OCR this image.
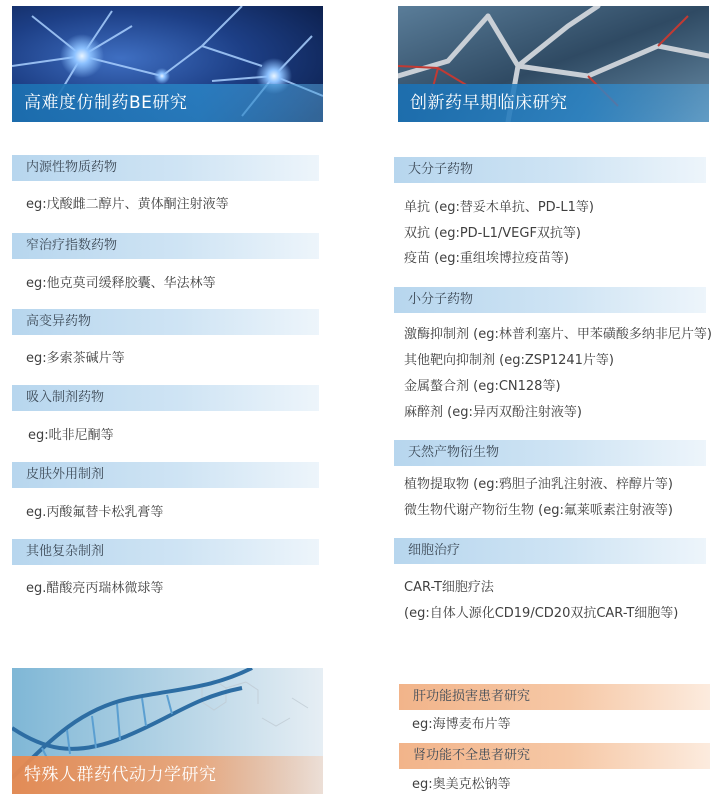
高难度仿制药BE研究	创新药早期临床研究
内源性物质药物
eg:戊酸雌二醇片、黄体酮注射液等
窄治疗指数药物
eg:他克莫司缓释胶囊、华法林等
高变异药物
eg:多索茶碱片等
吸入制剂药物
eg:吡非尼酮等
皮肤外用制剂
eg.丙酸氟替卡松乳膏等
其他复杂制剂
eg.醋酸亮丙瑞林微球等
大分子药物
单抗 (eg:替妥木单抗、PD-L1等)
双抗 (eg:PD-L1/VEGF双抗等)
疫苗 (eg:重组埃博拉疫苗等)
小分子药物
激酶抑制剂 (eg:林普利塞片、甲苯磺酸多纳非尼片等)
其他靶向抑制剂 (eg:ZSP1241片等)
金属螯合剂 (eg:CN128等)
麻醉剂 (eg:异丙双酚注射液等)
天然产物衍生物
植物提取物 (eg:鸦胆子油乳注射液、梓醇片等)
微生物代谢产物衍生物 (eg:氟莱哌素注射液等)
细胞治疗
CAR-T细胞疗法
(eg:自体人源化CD19/CD20双抗CAR-T细胞等)
特殊人群药代动力学研究
肝功能损害患者研究
eg:海博麦布片等
肾功能不全患者研究
eg:奥美克松钠等
